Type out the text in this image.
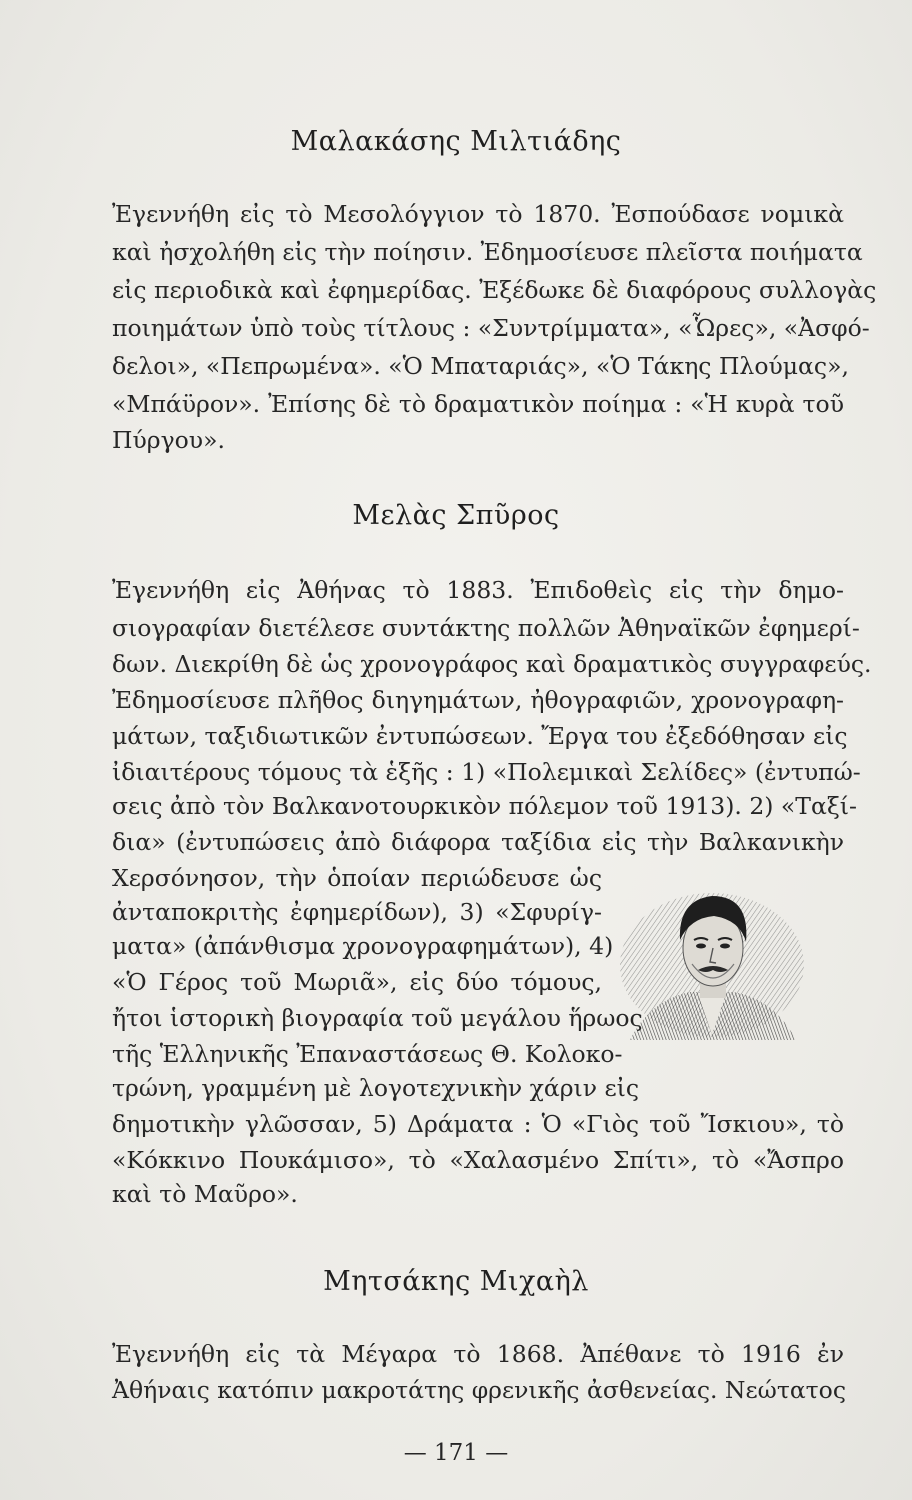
Μαλακάσης Μιλτιάδης
Ἐγεννήθη εἰς τὸ Μεσολόγγιον τὸ 1870. Ἐσπούδασε νομικὰ
καὶ ἠσχολήθη εἰς τὴν ποίησιν. Ἐδημοσίευσε πλεῖστα ποιήματα
εἰς περιοδικὰ καὶ ἐφημερίδας. Ἐξέδωκε δὲ διαφόρους συλλογὰς
ποιημάτων ὑπὸ τοὺς τίτλους : «Συντρίμματα», «Ὧρες», «Ἀσφό-
δελοι», «Πεπρωμένα». «Ὁ Μπαταριάς», «Ὁ Τάκης Πλούμας»,
«Μπάϋρον». Ἐπίσης δὲ τὸ δραματικὸν ποίημα : «Ἡ κυρὰ τοῦ
Πύργου».
Μελὰς Σπῦρος
Ἐγεννήθη εἰς Ἀθήνας τὸ 1883. Ἐπιδοθεὶς εἰς τὴν δημο-
σιογραφίαν διετέλεσε συντάκτης πολλῶν Ἀθηναϊκῶν ἐφημερί-
δων. Διεκρίθη δὲ ὡς χρονογράφος καὶ δραματικὸς συγγραφεύς.
Ἐδημοσίευσε πλῆθος διηγημάτων, ἠθογραφιῶν, χρονογραφη-
μάτων, ταξιδιωτικῶν ἐντυπώσεων. Ἔργα του ἐξεδόθησαν εἰς
ἰδιαιτέρους τόμους τὰ ἑξῆς : 1) «Πολεμικαὶ Σελίδες» (ἐντυπώ-
σεις ἀπὸ τὸν Βαλκανοτουρκικὸν πόλεμον τοῦ 1913). 2) «Ταξί-
δια» (ἐντυπώσεις ἀπὸ διάφορα ταξίδια εἰς τὴν Βαλκανικὴν
Χερσόνησον, τὴν ὁποίαν περιώδευσε ὡς
ἀνταποκριτὴς ἐφημερίδων), 3) «Σφυρίγ-
ματα» (ἀπάνθισμα χρονογραφημάτων), 4)
«Ὁ Γέρος τοῦ Μωριᾶ», εἰς δύο τόμους,
ἤτοι ἱστορικὴ βιογραφία τοῦ μεγάλου ἥρωος
τῆς Ἑλληνικῆς Ἐπαναστάσεως Θ. Κολοκο-
τρώνη, γραμμένη μὲ λογοτεχνικὴν χάριν εἰς
δημοτικὴν γλῶσσαν, 5) Δράματα : Ὁ «Γιὸς τοῦ Ἴσκιου», τὸ
«Κόκκινο Πουκάμισο», τὸ «Χαλασμένο Σπίτι», τὸ «Ἄσπρο
καὶ τὸ Μαῦρο».
Μητσάκης Μιχαὴλ
Ἐγεννήθη εἰς τὰ Μέγαρα τὸ 1868. Ἀπέθανε τὸ 1916 ἐν
Ἀθήναις κατόπιν μακροτάτης φρενικῆς ἀσθενείας. Νεώτατος
— 171 —
